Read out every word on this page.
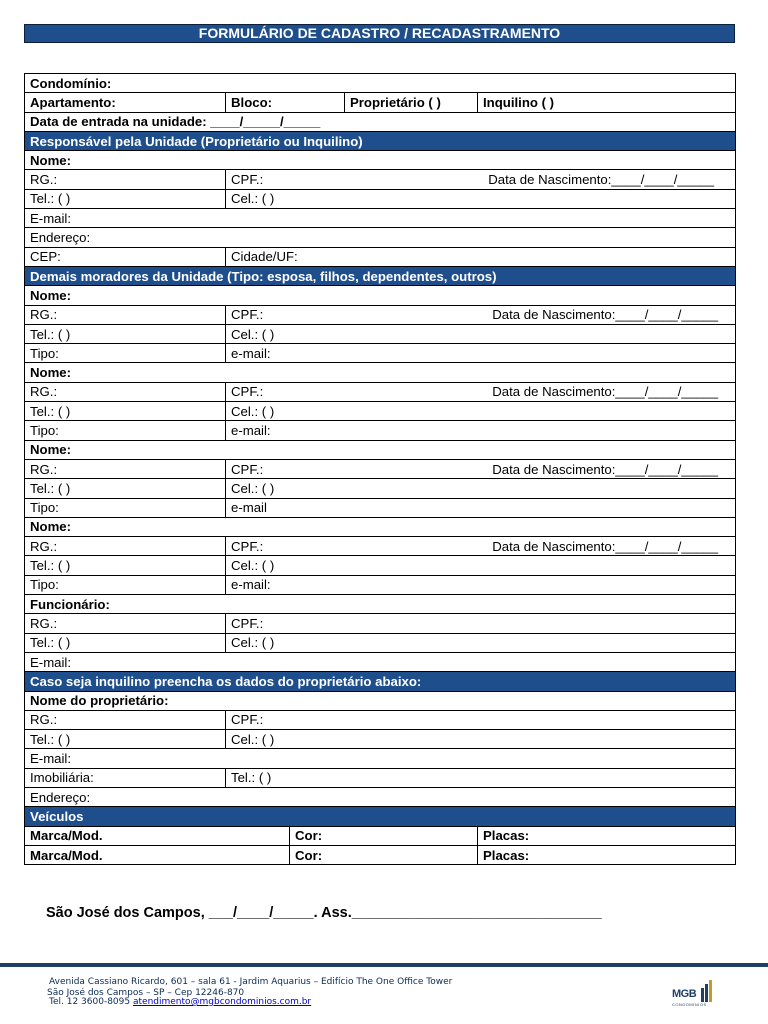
FORMULÁRIO DE CADASTRO / RECADASTRAMENTO
Condomínio:				
Apartamento:	Bloco:		Proprietário ( )	Inquilino ( )
Data de entrada na unidade: ____/_____/_____				
Responsável pela Unidade (Proprietário ou Inquilino)				
Nome:				
RG.:	CPF.: Data de Nascimento:____/____/_____			
Tel.: ( )	Cel.: ( )			
E-mail:				
Endereço:				
CEP:	Cidade/UF:			
Demais moradores da Unidade (Tipo: esposa, filhos, dependentes, outros)				
Nome:				
RG.:	CPF.: Data de Nascimento:____/____/_____			
Tel.: ( )	Cel.: ( )			
Tipo:	e-mail:			
Nome:				
RG.:	CPF.: Data de Nascimento:____/____/_____			
Tel.: ( )	Cel.: ( )			
Tipo:	e-mail:			
Nome:				
RG.:	CPF.: Data de Nascimento:____/____/_____			
Tel.: ( )	Cel.: ( )			
Tipo:	e-mail			
Nome:				
RG.:	CPF.: Data de Nascimento:____/____/_____			
Tel.: ( )	Cel.: ( )			
Tipo:	e-mail:			
Funcionário:				
RG.:	CPF.:			
Tel.: ( )	Cel.: ( )			
E-mail:				
Caso seja inquilino preencha os dados do proprietário abaixo:				
Nome do proprietário:				
RG.:	CPF.:			
Tel.: ( )	Cel.: ( )			
E-mail:				
Imobiliária:	Tel.: ( )			
Endereço:				
Veículos				
Marca/Mod.		Cor:		Placas:
Marca/Mod.		Cor:		Placas:
São José dos Campos, ___/____/_____. Ass._______________________________
Avenida Cassiano Ricardo, 601 – sala 61 - Jardim Aquarius – Edifício The One Office Tower
São José dos Campos – SP – Cep 12246-870
Tel. 12 3600-8095 atendimento@mgbcondominios.com.br
MGB
CONDOMÍNIOS
